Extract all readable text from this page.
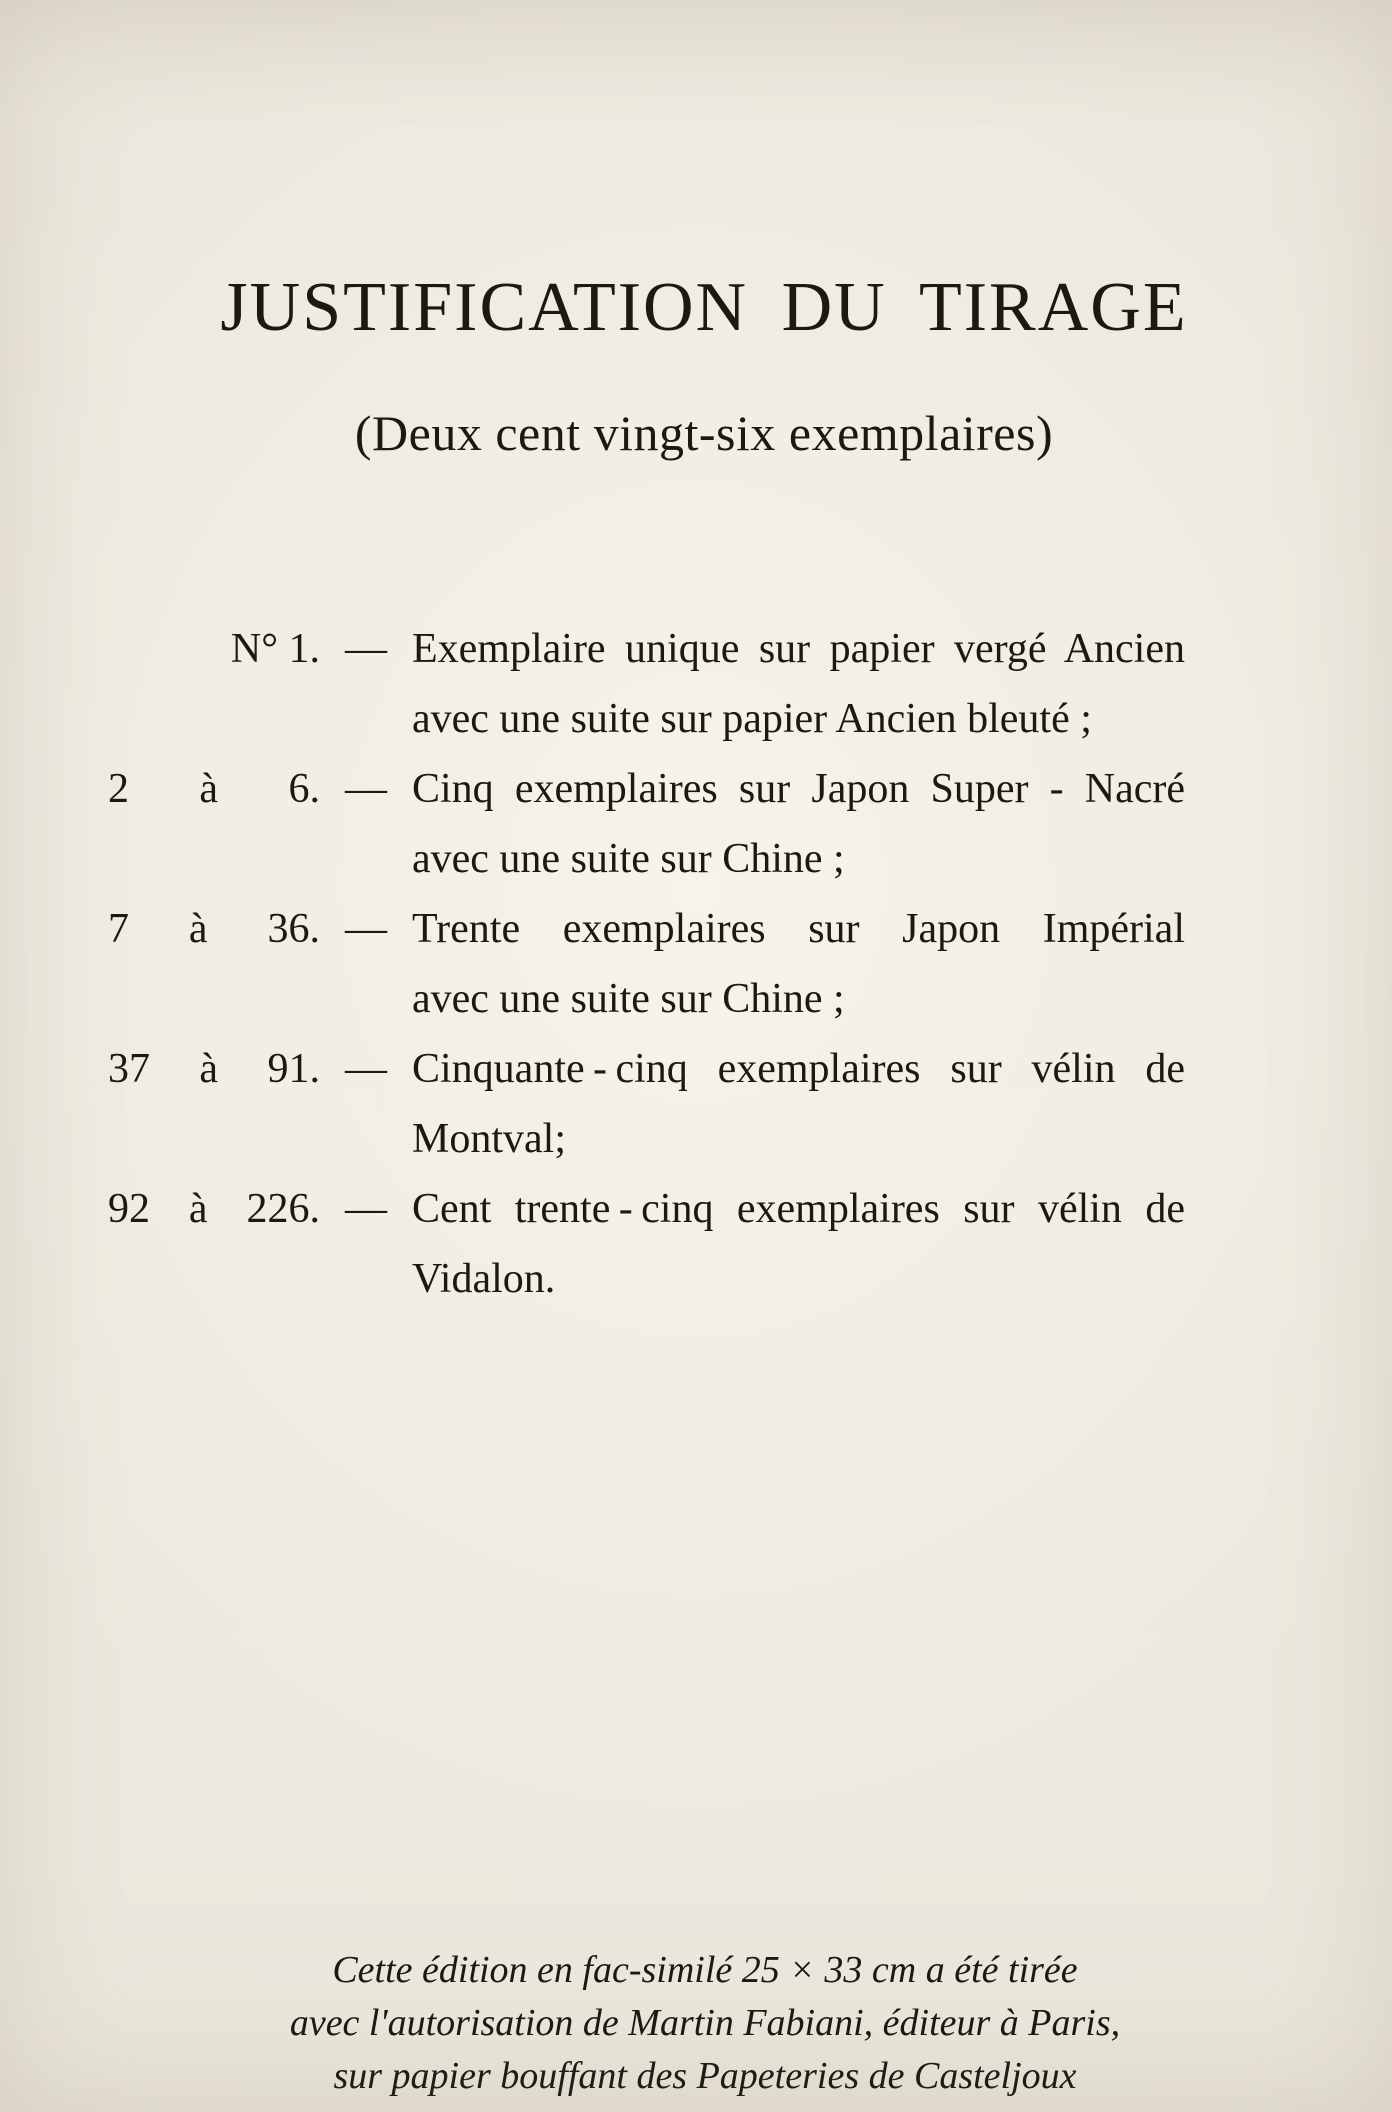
JUSTIFICATION DU TIRAGE
(Deux cent vingt-six exemplaires)
N° 1. — Exemplaire unique sur papier vergé Ancien
avec une suite sur papier Ancien bleuté ;
2 à 6. — Cinq exemplaires sur Japon Super - Nacré
avec une suite sur Chine ;
7 à 36. — Trente exemplaires sur Japon Impérial
avec une suite sur Chine ;
37 à 91. — Cinquante - cinq exemplaires sur vélin de
Montval;
92 à 226. — Cent trente - cinq exemplaires sur vélin de
Vidalon.
Cette édition en fac-similé 25 × 33 cm a été tirée
avec l'autorisation de Martin Fabiani, éditeur à Paris,
sur papier bouffant des Papeteries de Casteljoux
